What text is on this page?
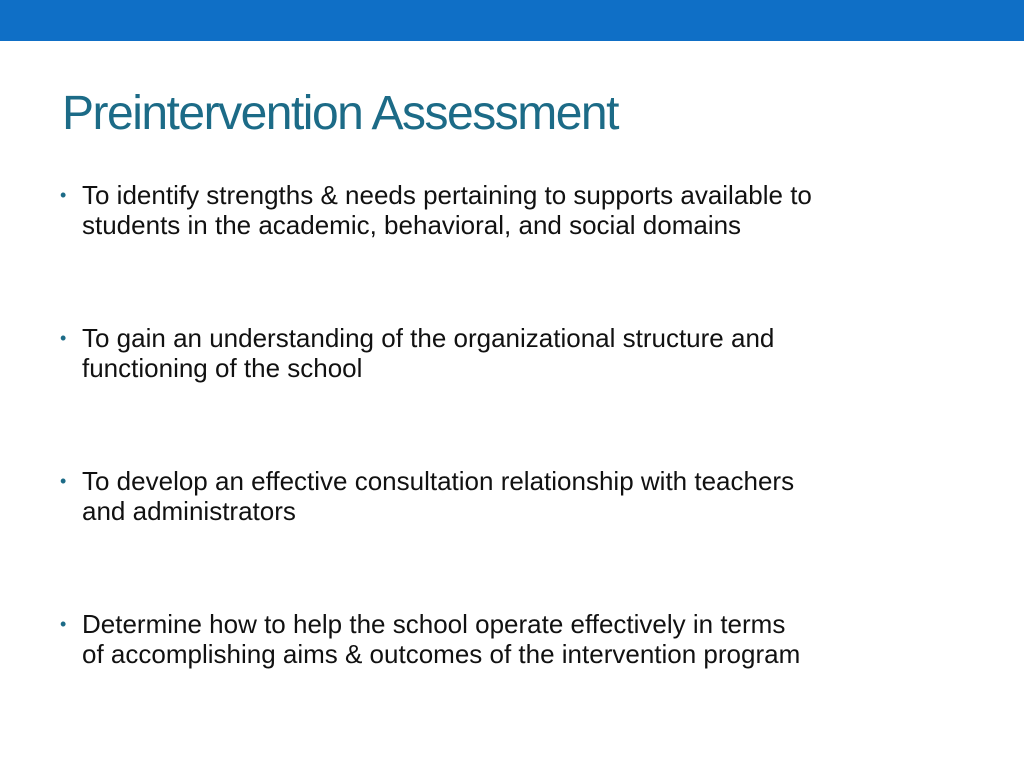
Preintervention Assessment
• To identify strengths & needs pertaining to supports available to
students in the academic, behavioral, and social domains
• To gain an understanding of the organizational structure and
functioning of the school
• To develop an effective consultation relationship with teachers
and administrators
• Determine how to help the school operate effectively in terms
of accomplishing aims & outcomes of the intervention program
